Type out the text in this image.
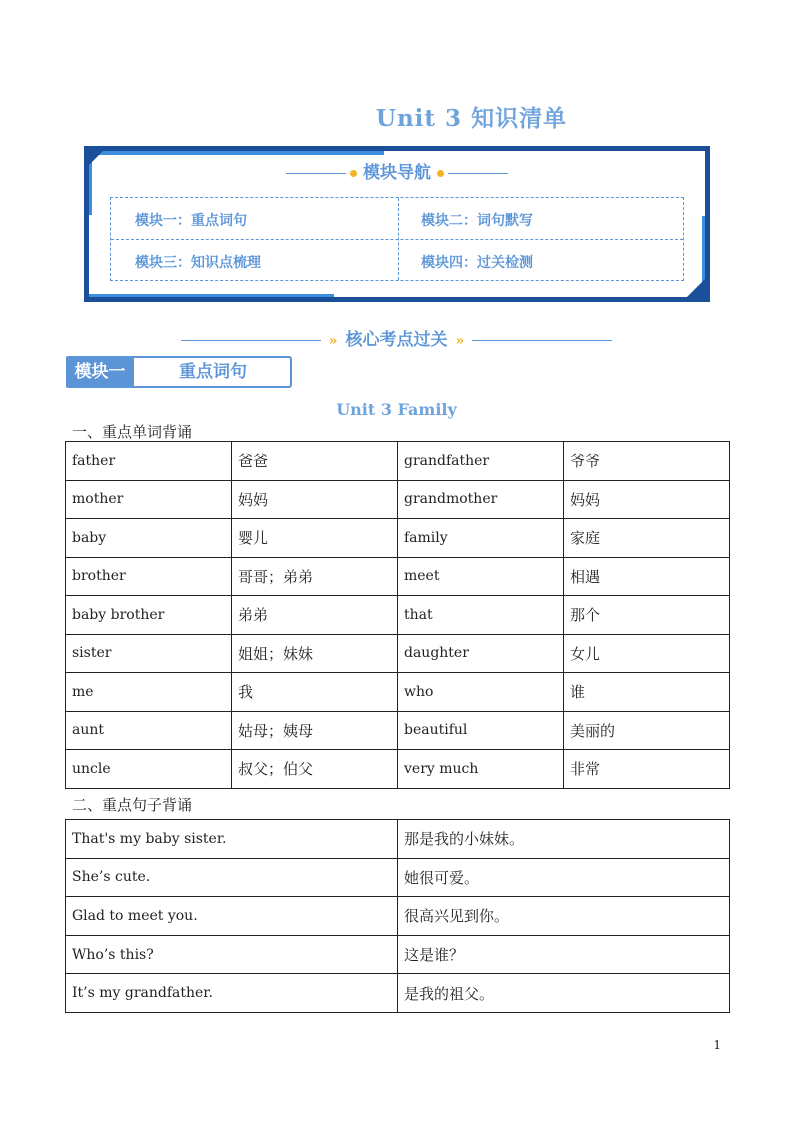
Unit 3 知识清单
模块导航
模块一：重点词句	模块二：词句默写
模块三：知识点梳理	模块四：过关检测
» 核心考点过关 »
模块一	重点词句
Unit 3 Family
一、重点单词背诵
father	爸爸	grandfather	爷爷
mother	妈妈	grandmother	妈妈
baby	婴儿	family	家庭
brother	哥哥；弟弟	meet	相遇
baby brother	弟弟	that	那个
sister	姐姐；妹妹	daughter	女儿
me	我	who	谁
aunt	姑母；姨母	beautiful	美丽的
uncle	叔父；伯父	very much	非常
二、重点句子背诵
That's my baby sister.	那是我的小妹妹。
She’s cute.	她很可爱。
Glad to meet you.	很高兴见到你。
Who’s this?	这是谁？
It’s my grandfather.	是我的祖父。
1
